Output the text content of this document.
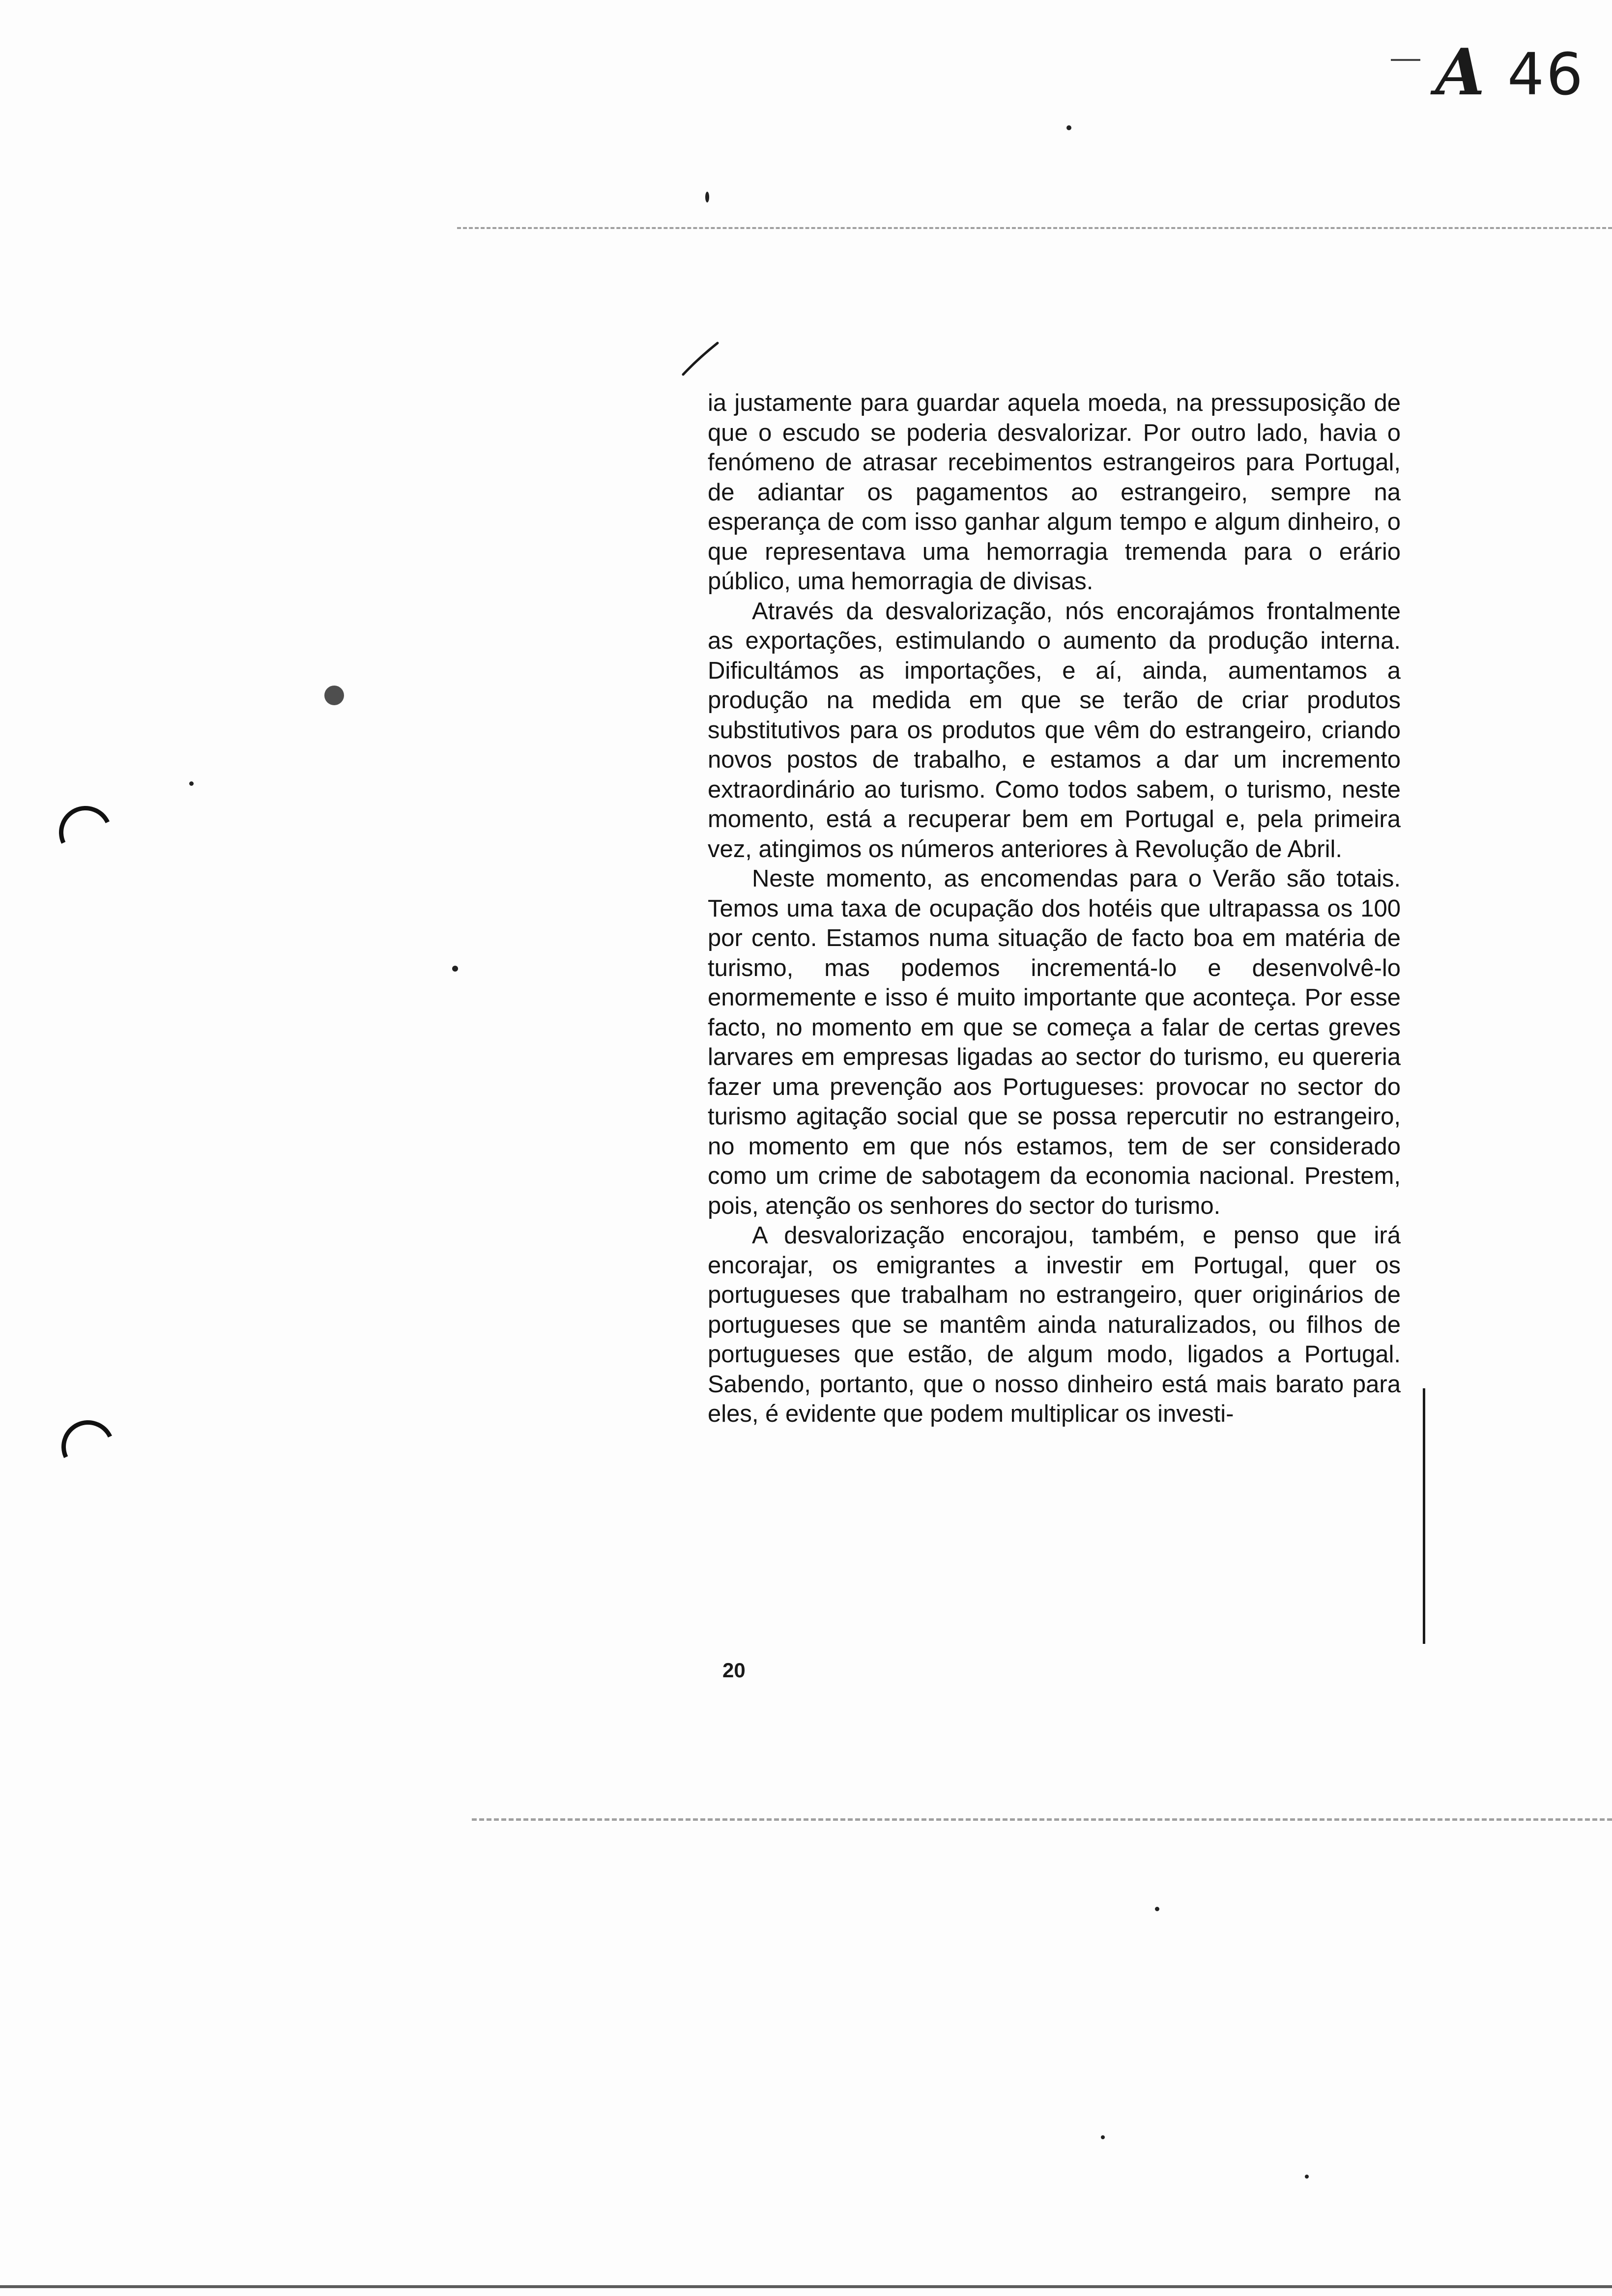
A 46

ia justamente para guardar aquela moeda, na pressuposição de que o escudo se poderia desvalorizar. Por outro lado, havia o fenómeno de atrasar recebimentos estrangeiros para Portugal, de adiantar os pagamentos ao estrangeiro, sempre na esperança de com isso ganhar algum tempo e algum dinheiro, o que representava uma hemorragia tremenda para o erário público, uma hemorragia de divisas.

Através da desvalorização, nós encorajámos frontalmente as exportações, estimulando o aumento da produção interna. Dificultámos as importações, e aí, ainda, aumentamos a produção na medida em que se terão de criar produtos substitutivos para os produtos que vêm do estrangeiro, criando novos postos de trabalho, e estamos a dar um incremento extraordinário ao turismo. Como todos sabem, o turismo, neste momento, está a recuperar bem em Portugal e, pela primeira vez, atingimos os números anteriores à Revolução de Abril.

Neste momento, as encomendas para o Verão são totais. Temos uma taxa de ocupação dos hotéis que ultrapassa os 100 por cento. Estamos numa situação de facto boa em matéria de turismo, mas podemos incrementá-lo e desenvolvê-lo enormemente e isso é muito importante que aconteça. Por esse facto, no momento em que se começa a falar de certas greves larvares em empresas ligadas ao sector do turismo, eu quereria fazer uma prevenção aos Portugueses: provocar no sector do turismo agitação social que se possa repercutir no estrangeiro, no momento em que nós estamos, tem de ser considerado como um crime de sabotagem da economia nacional. Prestem, pois, atenção os senhores do sector do turismo.

A desvalorização encorajou, também, e penso que irá encorajar, os emigrantes a investir em Portugal, quer os portugueses que trabalham no estrangeiro, quer originários de portugueses que se mantêm ainda naturalizados, ou filhos de portugueses que estão, de algum modo, ligados a Portugal. Sabendo, portanto, que o nosso dinheiro está mais barato para eles, é evidente que podem multiplicar os investi-

20
